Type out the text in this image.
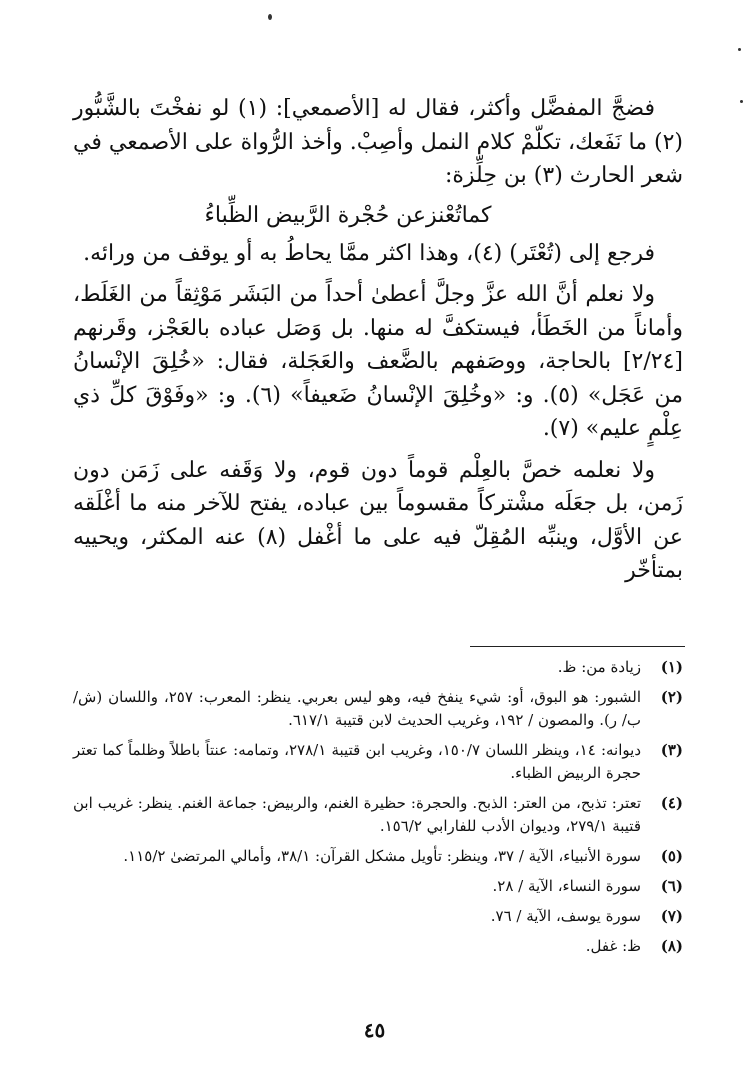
فضجَّ المفضَّل وأكثر، فقال له [الأصمعي]: (١) لو نفخْتَ بالشَّبُّور (٢) ما نَفَعك، تكلّمْ كلام النمل وأصِبْ. وأخذ الرُّواة على الأصمعي في شعر الحارث (٣) بن حِلِّزة:

كماتُعْنزعن حُجْرة الرَّبيض الظِّباءُ

فرجع إلى (تُعْتَر) (٤)، وهذا اكثر ممَّا يحاطُ به أو يوقف من ورائه.

ولا نعلم أنَّ الله عزَّ وجلَّ أعطىٰ أحداً من البَشَر مَوْثِقاً من الغَلَط، وأماناً من الخَطَأ، فيستكفَّ له منها. بل وَصَل عباده بالعَجْز، وقَرنهم [٢/٢٤] بالحاجة، ووصَفهم بالضَّعف والعَجَلة، فقال: «خُلِقَ الإنْسانُ من عَجَل» (٥). و: «وخُلِقَ الإنْسانُ ضَعيفاً» (٦). و: «وفَوْقَ كلِّ ذي عِلْمٍ عليم» (٧).

ولا نعلمه خصَّ بالعِلْم قوماً دون قوم، ولا وَقَفه على زَمَن دون زَمن، بل جعَلَه مشْتركاً مقسوماً بين عباده، يفتح للآخر منه ما أغْلَقه عن الأوَّل، وينبِّه المُقِلّ فيه على ما أغْفل (٨) عنه المكثر، ويحييه بمتأخّر

(١)
زيادة من: ظ.
(٢)
الشبور: هو البوق، أو: شيء ينفخ فيه، وهو ليس بعربي. ينظر: المعرب: ٢٥٧، واللسان (ش/ ب/ ر). والمصون / ١٩٢، وغريب الحديث لابن قتيبة ٦١٧/١.
(٣)
ديوانه: ١٤، وينظر اللسان ١٥٠/٧، وغريب ابن قتيبة ٢٧٨/١، وتمامه: عنتاً باطلاً وظلماً كما تعتر حجرة الربيض الظباء.
(٤)
تعتر: تذبح، من العتر: الذبح. والحجرة: حظيرة الغنم، والربيض: جماعة الغنم. ينظر: غريب ابن قتيبة ٢٧٩/١، وديوان الأدب للفارابي ١٥٦/٢.
(٥)
سورة الأنبياء، الآية / ٣٧، وينظر: تأويل مشكل القرآن: ٣٨/١، وأمالي المرتضىٰ ١١٥/٢.
(٦)
سورة النساء، الآية / ٢٨.
(٧)
سورة يوسف، الآية / ٧٦.
(٨)
ظ: غفل.
٤٥
